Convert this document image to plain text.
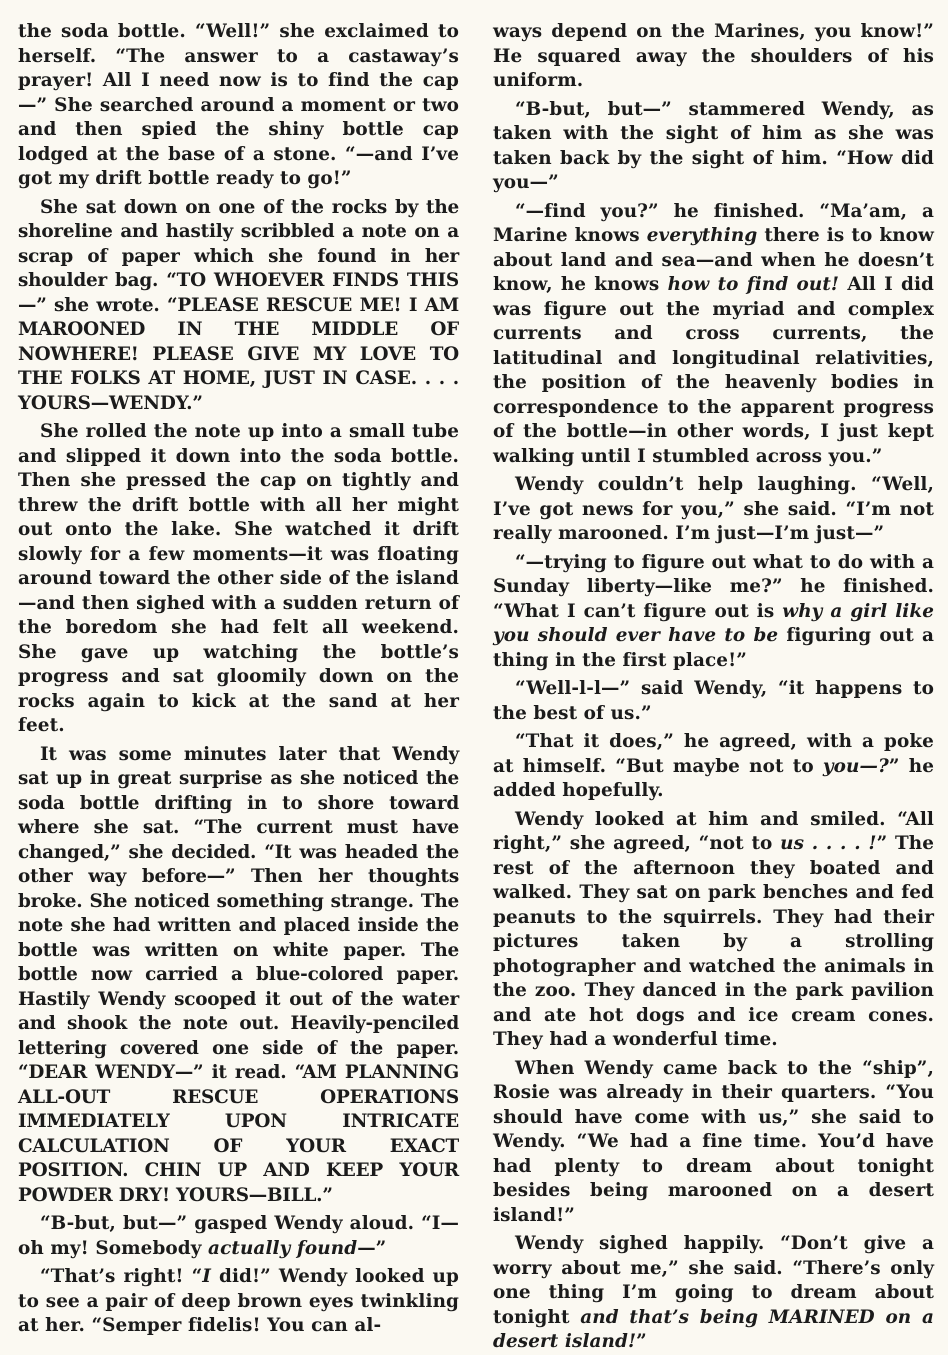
the soda bottle. “Well!” she exclaimed to herself. “The answer to a castaway’s prayer! All I need now is to find the cap—” She searched around a moment or two and then spied the shiny bottle cap lodged at the base of a stone. “—and I’ve got my drift bottle ready to go!”

She sat down on one of the rocks by the shoreline and hastily scribbled a note on a scrap of paper which she found in her shoulder bag. “TO WHOEVER FINDS THIS—” she wrote. “PLEASE RESCUE ME! I AM MAROONED IN THE MIDDLE OF NOWHERE! PLEASE GIVE MY LOVE TO THE FOLKS AT HOME, JUST IN CASE. . . . YOURS—WENDY.”

She rolled the note up into a small tube and slipped it down into the soda bottle. Then she pressed the cap on tightly and threw the drift bottle with all her might out onto the lake. She watched it drift slowly for a few moments—it was floating around toward the other side of the island—and then sighed with a sudden return of the boredom she had felt all weekend. She gave up watching the bottle’s progress and sat gloomily down on the rocks again to kick at the sand at her feet.

It was some minutes later that Wendy sat up in great surprise as she noticed the soda bottle drifting in to shore toward where she sat. “The current must have changed,” she decided. “It was headed the other way before—” Then her thoughts broke. She noticed something strange. The note she had written and placed inside the bottle was written on white paper. The bottle now carried a blue-colored paper. Hastily Wendy scooped it out of the water and shook the note out. Heavily-penciled lettering covered one side of the paper. “DEAR WENDY—” it read. “AM PLANNING ALL-OUT RESCUE OPERATIONS IMMEDIATELY UPON INTRICATE CALCULATION OF YOUR EXACT POSITION. CHIN UP AND KEEP YOUR POWDER DRY! YOURS—BILL.”

“B-but, but—” gasped Wendy aloud. “I—oh my! Somebody actually found—”

“That’s right! “I did!” Wendy looked up to see a pair of deep brown eyes twinkling at her. “Semper fidelis! You can al-

ways depend on the Marines, you know!” He squared away the shoulders of his uniform.

“B-but, but—” stammered Wendy, as taken with the sight of him as she was taken back by the sight of him. “How did you—”

“—find you?” he finished. “Ma’am, a Marine knows everything there is to know about land and sea—and when he doesn’t know, he knows how to find out! All I did was figure out the myriad and complex currents and cross currents, the latitudinal and longitudinal relativities, the position of the heavenly bodies in correspondence to the apparent progress of the bottle—in other words, I just kept walking until I stumbled across you.”

Wendy couldn’t help laughing. “Well, I’ve got news for you,” she said. “I’m not really marooned. I’m just—I’m just—”

“—trying to figure out what to do with a Sunday liberty—like me?” he finished. “What I can’t figure out is why a girl like you should ever have to be figuring out a thing in the first place!”

“Well-l-l—” said Wendy, “it happens to the best of us.”

“That it does,” he agreed, with a poke at himself. “But maybe not to you—?” he added hopefully.

Wendy looked at him and smiled. “All right,” she agreed, “not to us . . . . !” The rest of the afternoon they boated and walked. They sat on park benches and fed peanuts to the squirrels. They had their pictures taken by a strolling photographer and watched the animals in the zoo. They danced in the park pavilion and ate hot dogs and ice cream cones. They had a wonderful time.

When Wendy came back to the “ship”, Rosie was already in their quarters. “You should have come with us,” she said to Wendy. “We had a fine time. You’d have had plenty to dream about tonight besides being marooned on a desert island!”

Wendy sighed happily. “Don’t give a worry about me,” she said. “There’s only one thing I’m going to dream about tonight and that’s being MARINED on a desert island!”
